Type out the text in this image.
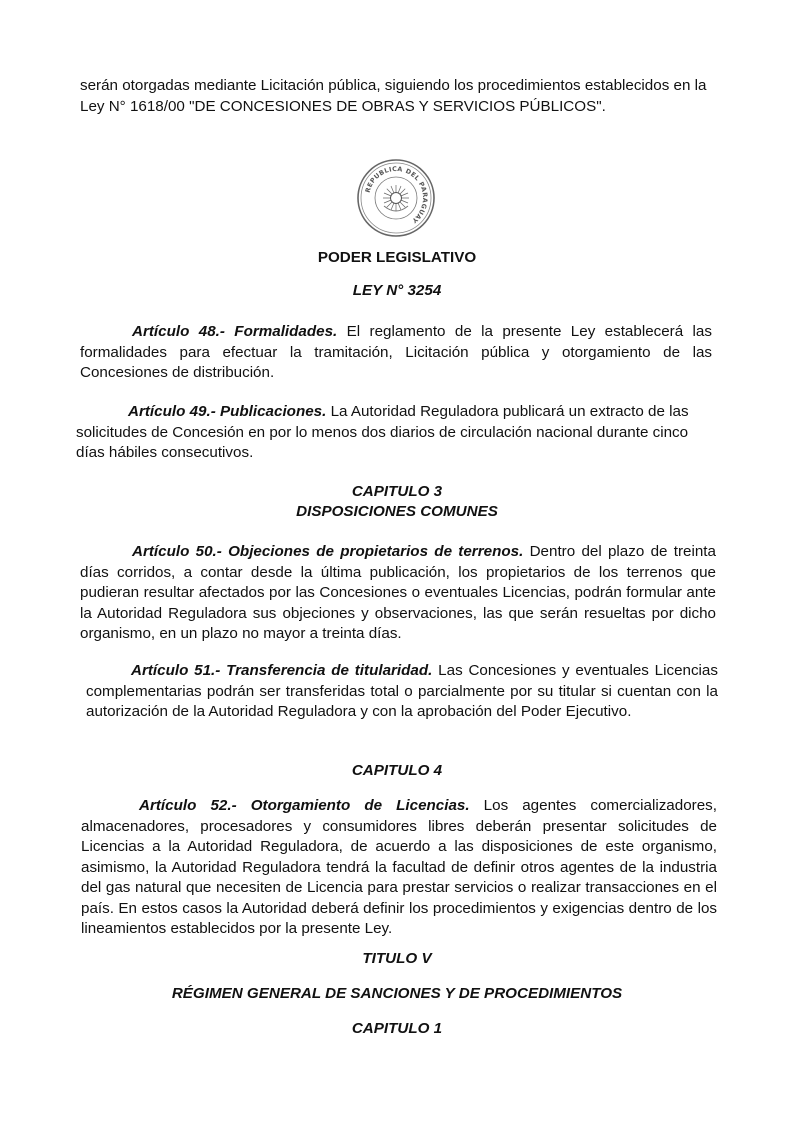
serán otorgadas mediante Licitación pública, siguiendo los procedimientos establecidos en la Ley N° 1618/00 "DE CONCESIONES DE OBRAS Y SERVICIOS PÚBLICOS".

REPUBLICA DEL PARAGUAY

PODER LEGISLATIVO

LEY N° 3254

Artículo 48.- Formalidades. El reglamento de la presente Ley establecerá las formalidades para efectuar la tramitación, Licitación pública y otorgamiento de las Concesiones de distribución.

Artículo 49.- Publicaciones. La Autoridad Reguladora publicará un extracto de las solicitudes de Concesión en por lo menos dos diarios de circulación nacional durante cinco días hábiles consecutivos.

CAPITULO 3

DISPOSICIONES COMUNES

Artículo 50.- Objeciones de propietarios de terrenos. Dentro del plazo de treinta días corridos, a contar desde la última publicación, los propietarios de los terrenos que pudieran resultar afectados por las Concesiones o eventuales Licencias, podrán formular ante la Autoridad Reguladora sus objeciones y observaciones, las que serán resueltas por dicho organismo, en un plazo no mayor a treinta días.

Artículo 51.- Transferencia de titularidad. Las Concesiones y eventuales Licencias complementarias podrán ser transferidas total o parcialmente por su titular si cuentan con la autorización de la Autoridad Reguladora y con la aprobación del Poder Ejecutivo.

CAPITULO 4

Artículo 52.- Otorgamiento de Licencias. Los agentes comercializadores, almacenadores, procesadores y consumidores libres deberán presentar solicitudes de Licencias a la Autoridad Reguladora, de acuerdo a las disposiciones de este organismo, asimismo, la Autoridad Reguladora tendrá la facultad de definir otros agentes de la industria del gas natural que necesiten de Licencia para prestar servicios o realizar transacciones en el país. En estos casos la Autoridad deberá definir los procedimientos y exigencias dentro de los lineamientos establecidos por la presente Ley.

TITULO V

RÉGIMEN GENERAL DE SANCIONES Y DE PROCEDIMIENTOS

CAPITULO 1
